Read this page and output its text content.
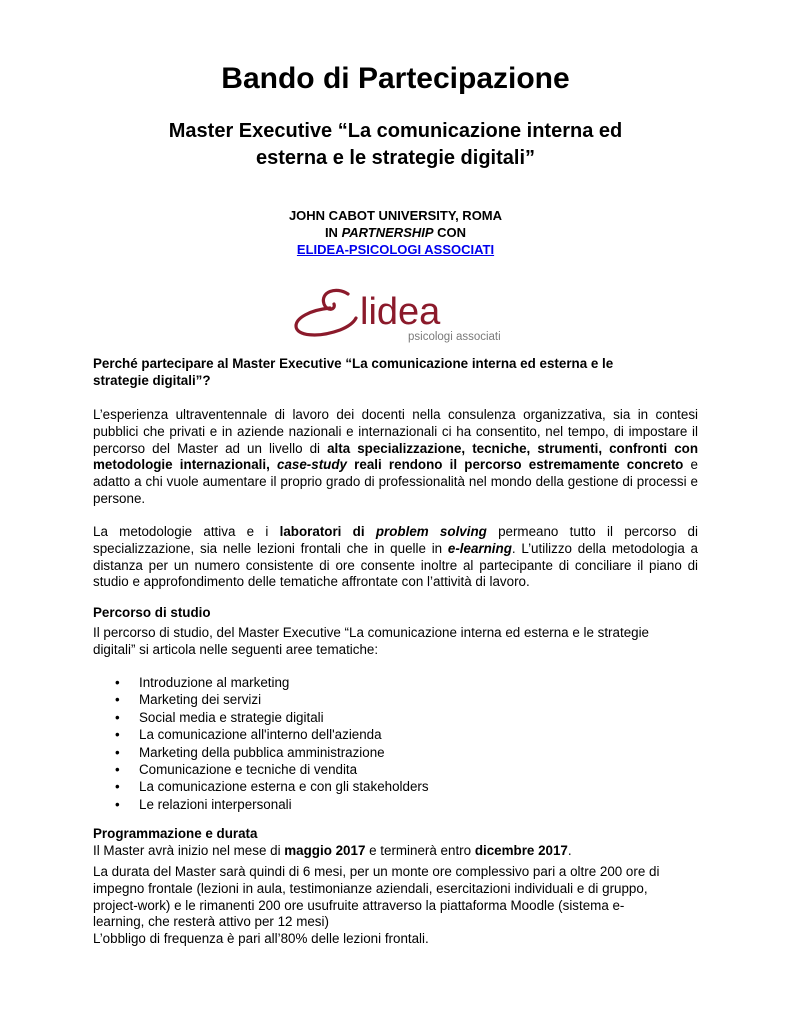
Bando di Partecipazione
Master Executive “La comunicazione interna ed
esterna e le strategie digitali”
JOHN CABOT UNIVERSITY, ROMA
IN PARTNERSHIP CON
ELIDEA-PSICOLOGI ASSOCIATI
lidea
psicologi associati
Perché partecipare al Master Executive “La comunicazione interna ed esterna e le
strategie digitali”?

L’esperienza ultraventennale di lavoro dei docenti nella consulenza organizzativa, sia in contesi pubblici che privati e in aziende nazionali e internazionali ci ha consentito, nel tempo, di impostare il percorso del Master ad un livello di alta specializzazione, tecniche, strumenti, confronti con metodologie internazionali, case-study reali rendono il percorso estremamente concreto e adatto a chi vuole aumentare il proprio grado di professionalità nel mondo della gestione di processi e persone.

La metodologie attiva e i laboratori di problem solving permeano tutto il percorso di specializzazione, sia nelle lezioni frontali che in quelle in e-learning. L’utilizzo della metodologia a distanza per un numero consistente di ore consente inoltre al partecipante di conciliare il piano di studio e approfondimento delle tematiche affrontate con l’attività di lavoro.

Percorso di studio
Il percorso di studio, del Master Executive “La comunicazione interna ed esterna e le strategie
digitali” si articola nelle seguenti aree tematiche:
• Introduzione al marketing
• Marketing dei servizi
• Social media e strategie digitali
• La comunicazione all'interno dell'azienda
• Marketing della pubblica amministrazione
• Comunicazione e tecniche di vendita
• La comunicazione esterna e con gli stakeholders
• Le relazioni interpersonali
Programmazione e durata
Il Master avrà inizio nel mese di maggio 2017 e terminerà entro dicembre 2017.
La durata del Master sarà quindi di 6 mesi, per un monte ore complessivo pari a oltre 200 ore di
impegno frontale (lezioni in aula, testimonianze aziendali, esercitazioni individuali e di gruppo,
project-work) e le rimanenti 200 ore usufruite attraverso la piattaforma Moodle (sistema e-
learning, che resterà attivo per 12 mesi)
L’obbligo di frequenza è pari all’80% delle lezioni frontali.
